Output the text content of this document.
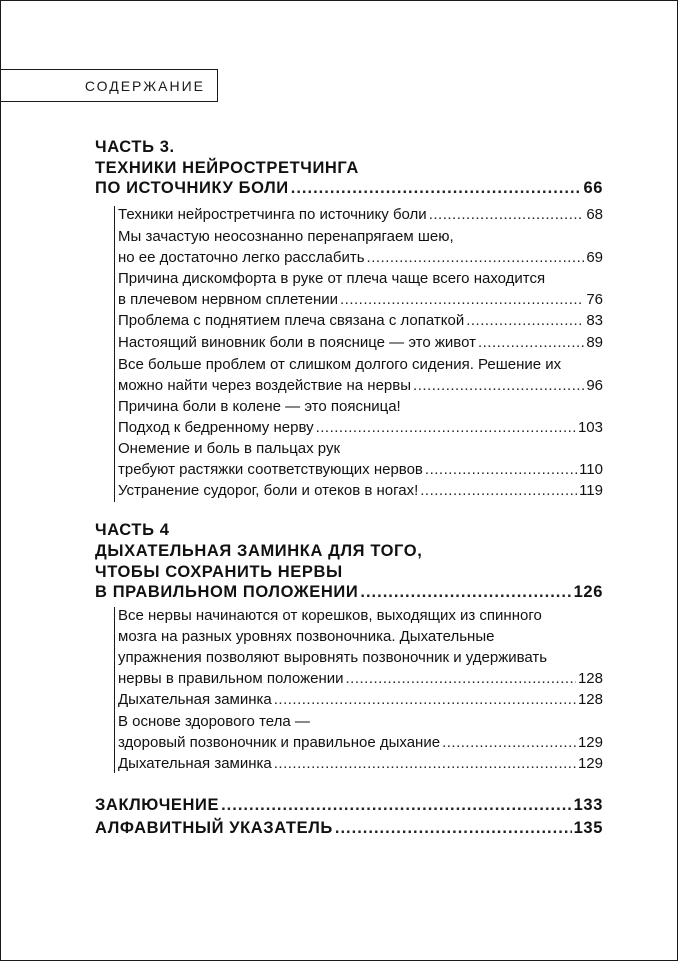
СОДЕРЖАНИЕ
ЧАСТЬ 3.
ТЕХНИКИ НЕЙРОСТРЕТЧИНГА
ПО ИСТОЧНИКУ БОЛИ .....	66
Техники нейростретчинга по источнику боли .....	68
Мы зачастую неосознанно перенапрягаем шею,
но ее достаточно легко расслабить .....	69
Причина дискомфорта в руке от плеча чаще всего находится
в плечевом нервном сплетении .....	76
Проблема с поднятием плеча связана с лопаткой .....	83
Настоящий виновник боли в пояснице — это живот .....	89
Все больше проблем от слишком долгого сидения. Решение их
можно найти через воздействие на нервы .....	96
Причина боли в колене — это поясница!
Подход к бедренному нерву .....	103
Онемение и боль в пальцах рук
требуют растяжки соответствующих нервов .....	110
Устранение судорог, боли и отеков в ногах! .....	119
ЧАСТЬ 4
ДЫХАТЕЛЬНАЯ ЗАМИНКА ДЛЯ ТОГО,
ЧТОБЫ СОХРАНИТЬ НЕРВЫ
В ПРАВИЛЬНОМ ПОЛОЖЕНИИ .....	126
Все нервы начинаются от корешков, выходящих из спинного
мозга на разных уровнях позвоночника. Дыхательные
упражнения позволяют выровнять позвоночник и удерживать
нервы в правильном положении .....	128
Дыхательная заминка .....	128
В основе здорового тела —
здоровый позвоночник и правильное дыхание .....	129
Дыхательная заминка .....	129
ЗАКЛЮЧЕНИЕ .....	133
АЛФАВИТНЫЙ УКАЗАТЕЛЬ .....	135
